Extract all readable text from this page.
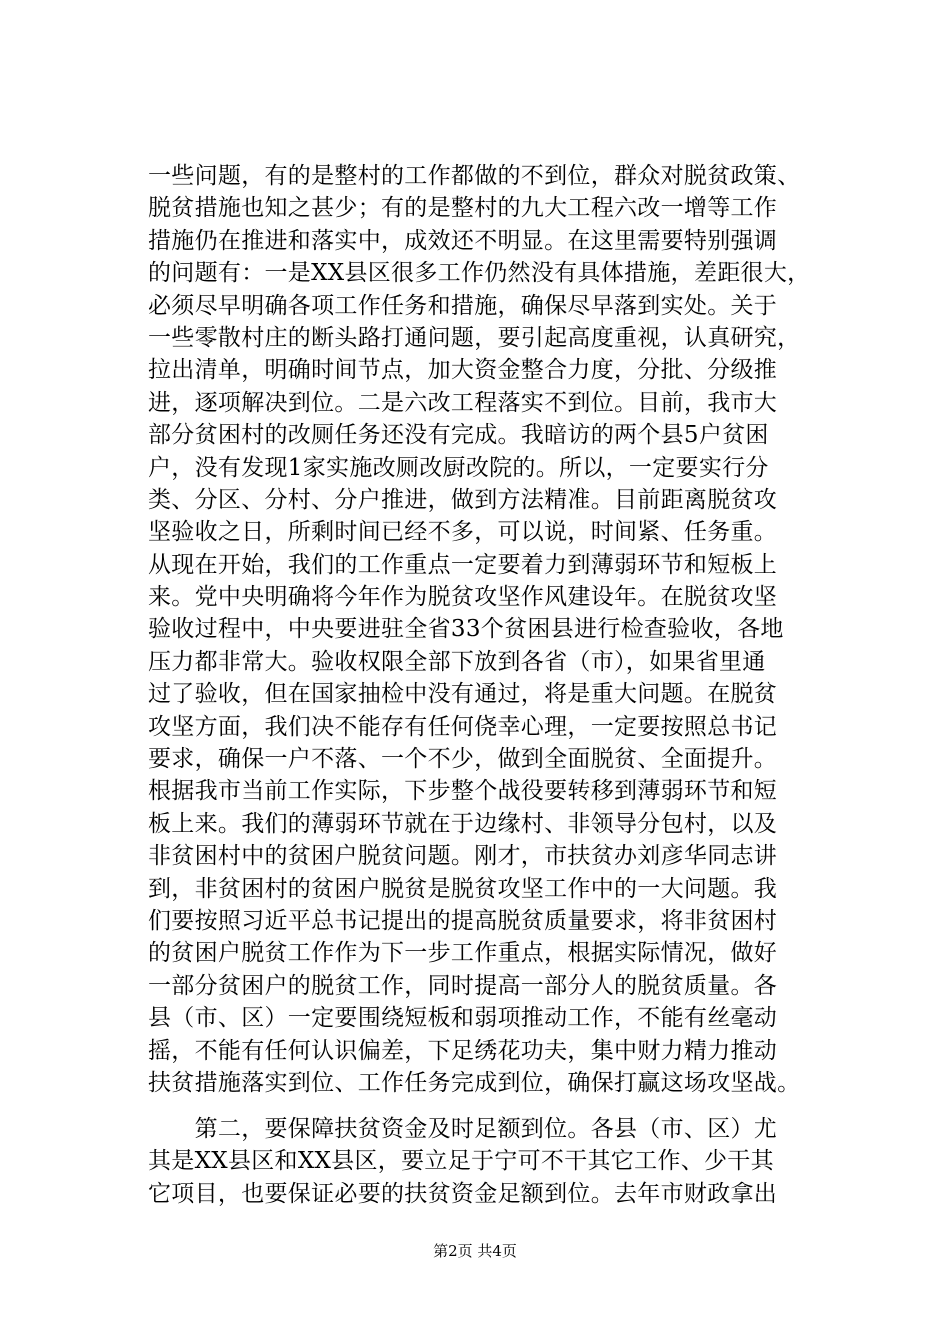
一些问题，有的是整村的工作都做的不到位，群众对脱贫政策、
脱贫措施也知之甚少；有的是整村的九大工程六改一增等工作
措施仍在推进和落实中，成效还不明显。在这里需要特别强调
的问题有：一是XX县区很多工作仍然没有具体措施，差距很大，
必须尽早明确各项工作任务和措施，确保尽早落到实处。关于
一些零散村庄的断头路打通问题，要引起高度重视，认真研究，
拉出清单，明确时间节点，加大资金整合力度，分批、分级推
进，逐项解决到位。二是六改工程落实不到位。目前，我市大
部分贫困村的改厕任务还没有完成。我暗访的两个县5户贫困
户，没有发现1家实施改厕改厨改院的。所以，一定要实行分
类、分区、分村、分户推进，做到方法精准。目前距离脱贫攻
坚验收之日，所剩时间已经不多，可以说，时间紧、任务重。
从现在开始，我们的工作重点一定要着力到薄弱环节和短板上
来。党中央明确将今年作为脱贫攻坚作风建设年。在脱贫攻坚
验收过程中，中央要进驻全省33个贫困县进行检查验收，各地
压力都非常大。验收权限全部下放到各省（市），如果省里通
过了验收，但在国家抽检中没有通过，将是重大问题。在脱贫
攻坚方面，我们决不能存有任何侥幸心理，一定要按照总书记
要求，确保一户不落、一个不少，做到全面脱贫、全面提升。
根据我市当前工作实际，下步整个战役要转移到薄弱环节和短
板上来。我们的薄弱环节就在于边缘村、非领导分包村，以及
非贫困村中的贫困户脱贫问题。刚才，市扶贫办刘彦华同志讲
到，非贫困村的贫困户脱贫是脱贫攻坚工作中的一大问题。我
们要按照习近平总书记提出的提高脱贫质量要求，将非贫困村
的贫困户脱贫工作作为下一步工作重点，根据实际情况，做好
一部分贫困户的脱贫工作，同时提高一部分人的脱贫质量。各
县（市、区）一定要围绕短板和弱项推动工作，不能有丝毫动
摇，不能有任何认识偏差，下足绣花功夫，集中财力精力推动
扶贫措施落实到位、工作任务完成到位，确保打赢这场攻坚战。
　　第二，要保障扶贫资金及时足额到位。各县（市、区）尤
其是XX县区和XX县区，要立足于宁可不干其它工作、少干其
它项目，也要保证必要的扶贫资金足额到位。去年市财政拿出
第2页 共4页
